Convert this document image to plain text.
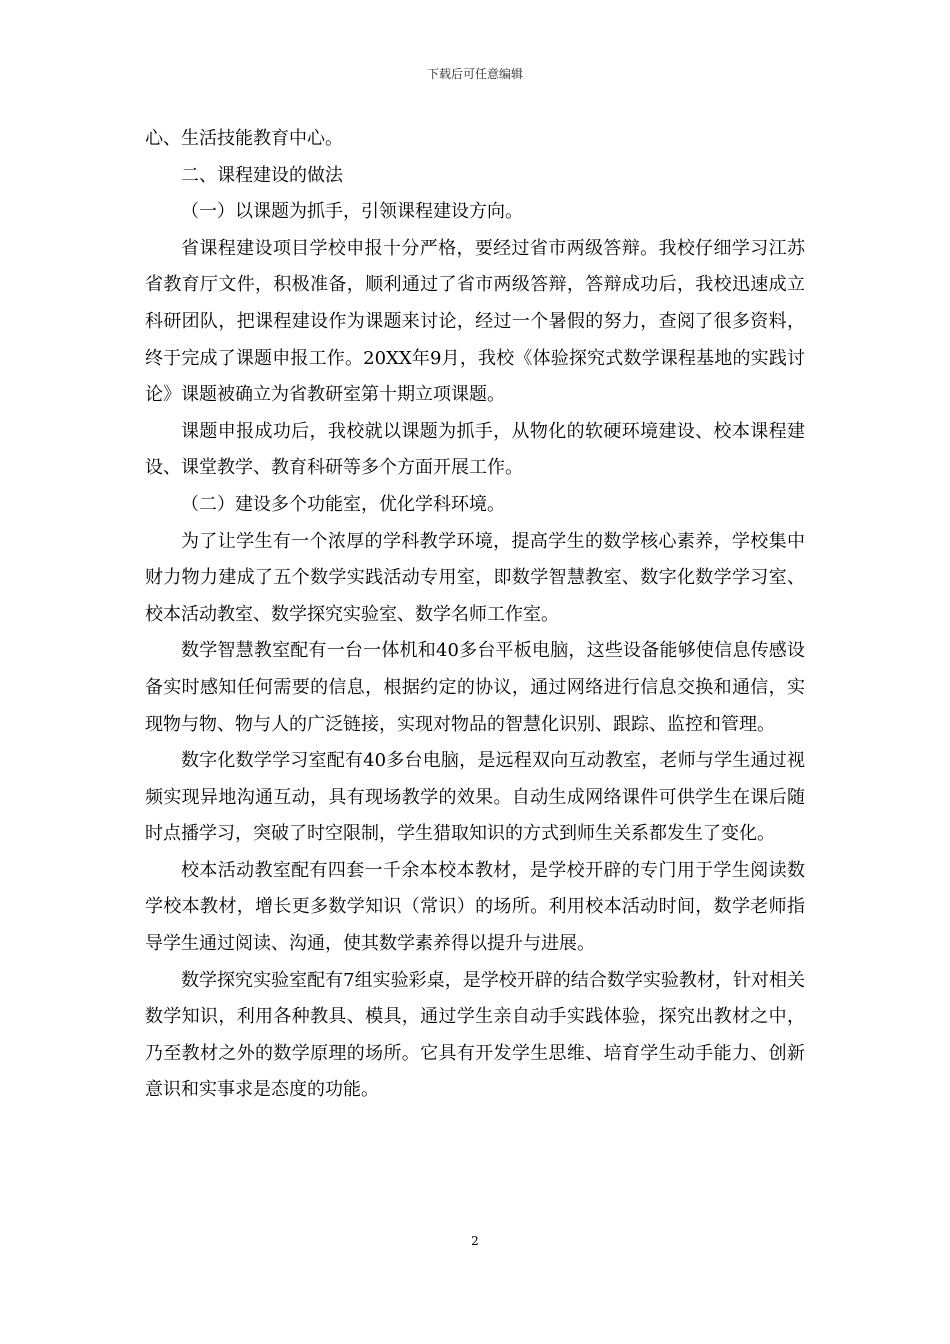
下载后可任意编辑

心、生活技能教育中心。

二、课程建设的做法

（一）以课题为抓手，引领课程建设方向。

省课程建设项目学校申报十分严格，要经过省市两级答辩。我校仔细学习江苏省教育厅文件，积极准备，顺利通过了省市两级答辩，答辩成功后，我校迅速成立科研团队，把课程建设作为课题来讨论，经过一个暑假的努力，查阅了很多资料，终于完成了课题申报工作。20XX年9月，我校《体验探究式数学课程基地的实践讨论》课题被确立为省教研室第十期立项课题。

课题申报成功后，我校就以课题为抓手，从物化的软硬环境建设、校本课程建设、课堂教学、教育科研等多个方面开展工作。

（二）建设多个功能室，优化学科环境。

为了让学生有一个浓厚的学科教学环境，提高学生的数学核心素养，学校集中财力物力建成了五个数学实践活动专用室，即数学智慧教室、数字化数学学习室、校本活动教室、数学探究实验室、数学名师工作室。

数学智慧教室配有一台一体机和40多台平板电脑，这些设备能够使信息传感设备实时感知任何需要的信息，根据约定的协议，通过网络进行信息交换和通信，实现物与物、物与人的广泛链接，实现对物品的智慧化识别、跟踪、监控和管理。

数字化数学学习室配有40多台电脑，是远程双向互动教室，老师与学生通过视频实现异地沟通互动，具有现场教学的效果。自动生成网络课件可供学生在课后随时点播学习，突破了时空限制，学生猎取知识的方式到师生关系都发生了变化。

校本活动教室配有四套一千余本校本教材，是学校开辟的专门用于学生阅读数学校本教材，增长更多数学知识（常识）的场所。利用校本活动时间，数学老师指导学生通过阅读、沟通，使其数学素养得以提升与进展。

数学探究实验室配有7组实验彩桌，是学校开辟的结合数学实验教材，针对相关数学知识，利用各种教具、模具，通过学生亲自动手实践体验，探究出教材之中，乃至教材之外的数学原理的场所。它具有开发学生思维、培育学生动手能力、创新意识和实事求是态度的功能。

2
